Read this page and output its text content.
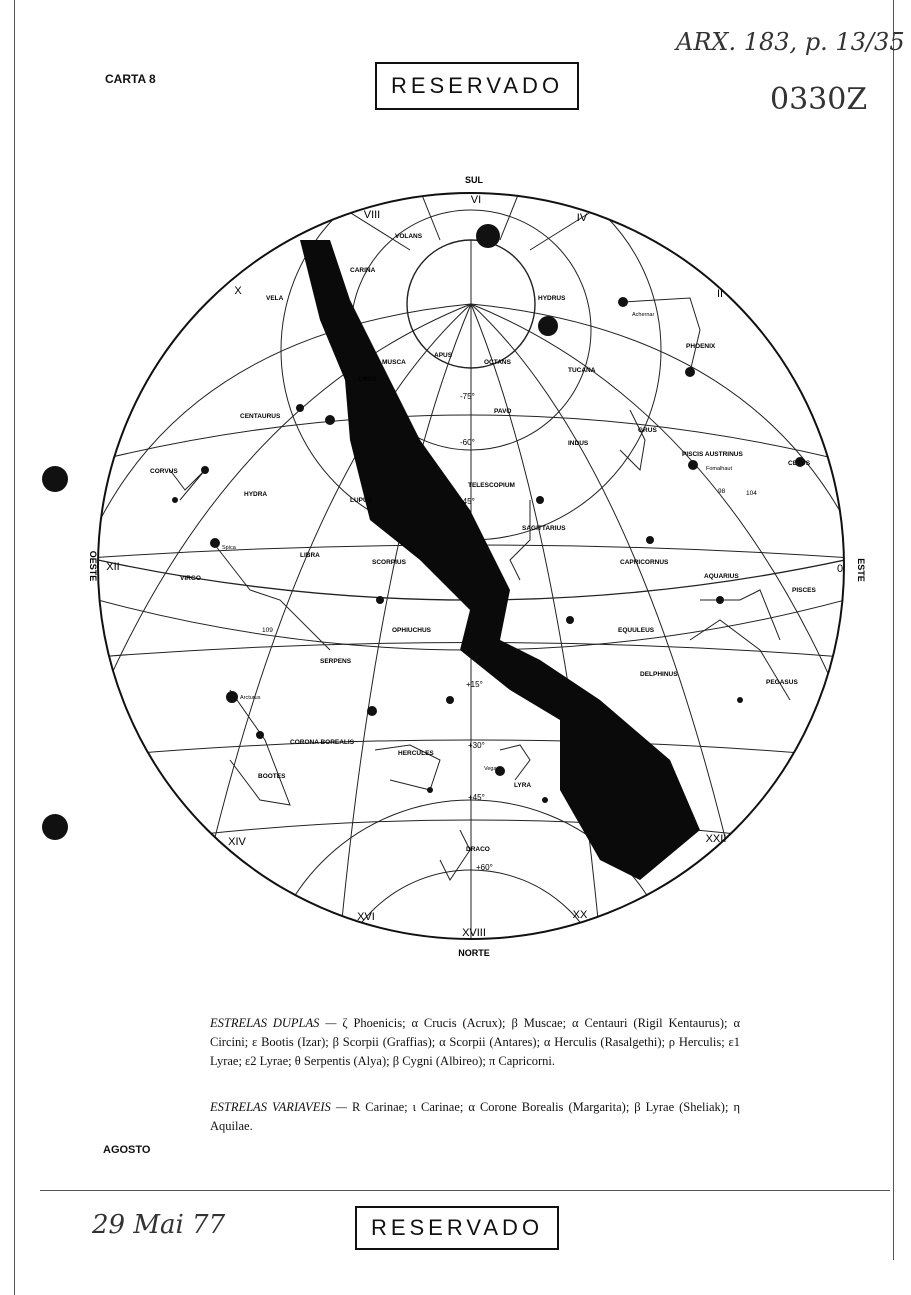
CARTA 8	RESERVADO
ARX. 183, p. 13/35
0330Z
SUL
NORTE
OESTE	ESTE
VI
VIII	IV
X	II
XII	0
XIV	XXII
XVI	XX
XVIII
-75°
-60°
-45°
+15°
+30°
+45°
+60°
VOLANS
CARINA
VELA	HYDRUS
Achernar
PHOENIX
MUSCA
APUS
OCTANS
TUCANA
CRUX
CENTAURUS
PAVO
INDUS
GRUS
PISCIS AUSTRINUS
Fomalhaut
CETUS
CORVUS
HYDRA
LUPUS
TELESCOPIUM
SAGITTARIUS
LIBRA
SCORPIUS	CAPRICORNUS
AQUARIUS
PISCES
VIRGO
Spica
OPHIUCHUS	EQUULEUS
DELPHINUS
SERPENS
PEGASUS
Arcturus
CORONA BOREALIS
HERCULES
BOOTES
LYRA
Vega
DRACO
109
104
98
ESTRELAS DUPLAS — ζ Phoenicis; α Crucis (Acrux); β Muscae; α Centauri (Rigil Kentaurus); α Circini; ε Bootis (Izar); β Scorpii (Graffias); α Scorpii (Antares); α Herculis (Rasalgethi); ρ Herculis; ε1 Lyrae; ε2 Lyrae; θ Serpentis (Alya); β Cygni (Albireo); π Capricorni.
ESTRELAS VARIAVEIS — R Carinae; ι Carinae; α Corone Borealis (Margarita); β Lyrae (Sheliak); η Aquilae.
AGOSTO
29 Mai 77	RESERVADO
